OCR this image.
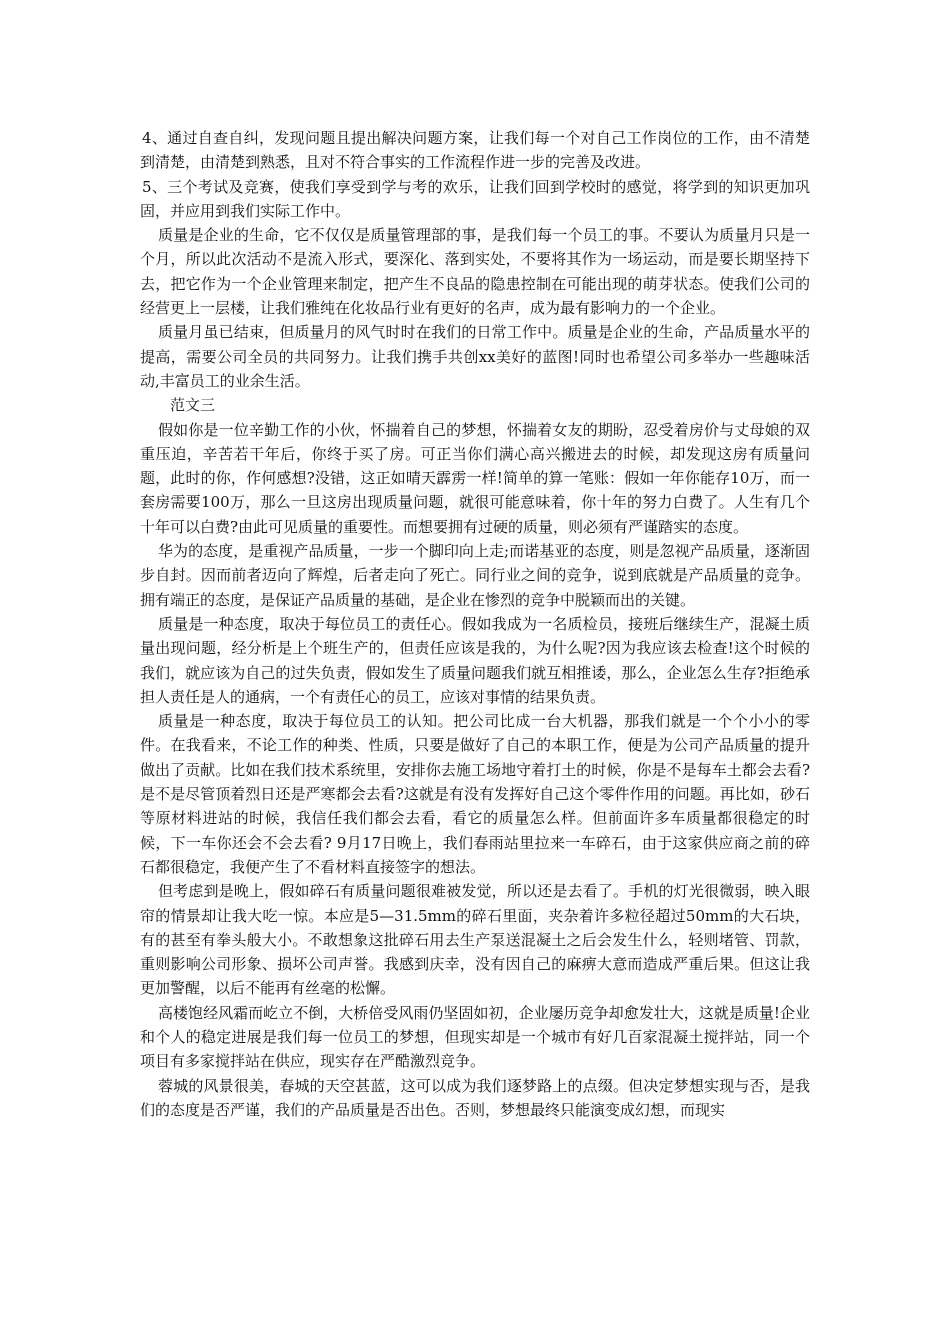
4、通过自查自纠，发现问题且提出解决问题方案，让我们每一个对自己工作岗位的工作，由不清楚到清楚，由清楚到熟悉，且对不符合事实的工作流程作进一步的完善及改进。

5、三个考试及竞赛，使我们享受到学与考的欢乐，让我们回到学校时的感觉，将学到的知识更加巩固，并应用到我们实际工作中。

质量是企业的生命，它不仅仅是质量管理部的事，是我们每一个员工的事。不要认为质量月只是一个月，所以此次活动不是流入形式，要深化、落到实处，不要将其作为一场运动，而是要长期坚持下去，把它作为一个企业管理来制定，把产生不良品的隐患控制在可能出现的萌芽状态。使我们公司的经营更上一层楼，让我们雅纯在化妆品行业有更好的名声，成为最有影响力的一个企业。

质量月虽已结束，但质量月的风气时时在我们的日常工作中。质量是企业的生命，产品质量水平的提高，需要公司全员的共同努力。让我们携手共创xx美好的蓝图!同时也希望公司多举办一些趣味活动,丰富员工的业余生活。

范文三

假如你是一位辛勤工作的小伙，怀揣着自己的梦想，怀揣着女友的期盼，忍受着房价与丈母娘的双重压迫，辛苦若干年后，你终于买了房。可正当你们满心高兴搬进去的时候，却发现这房有质量问题，此时的你，作何感想?没错，这正如晴天霹雳一样!简单的算一笔账：假如一年你能存10万，而一套房需要100万，那么一旦这房出现质量问题，就很可能意味着，你十年的努力白费了。人生有几个十年可以白费?由此可见质量的重要性。而想要拥有过硬的质量，则必须有严谨踏实的态度。

华为的态度，是重视产品质量，一步一个脚印向上走;而诺基亚的态度，则是忽视产品质量，逐渐固步自封。因而前者迈向了辉煌，后者走向了死亡。同行业之间的竞争，说到底就是产品质量的竞争。拥有端正的态度，是保证产品质量的基础，是企业在惨烈的竞争中脱颖而出的关键。

质量是一种态度，取决于每位员工的责任心。假如我成为一名质检员，接班后继续生产，混凝土质量出现问题，经分析是上个班生产的，但责任应该是我的，为什么呢?因为我应该去检查!这个时候的我们，就应该为自己的过失负责，假如发生了质量问题我们就互相推诿，那么，企业怎么生存?拒绝承担人责任是人的通病，一个有责任心的员工，应该对事情的结果负责。

质量是一种态度，取决于每位员工的认知。把公司比成一台大机器，那我们就是一个个小小的零件。在我看来，不论工作的种类、性质，只要是做好了自己的本职工作，便是为公司产品质量的提升做出了贡献。比如在我们技术系统里，安排你去施工场地守着打土的时候，你是不是每车土都会去看?是不是尽管顶着烈日还是严寒都会去看?这就是有没有发挥好自己这个零件作用的问题。再比如，砂石等原材料进站的时候，我信任我们都会去看，看它的质量怎么样。但前面许多车质量都很稳定的时候，下一车你还会不会去看? 9月17日晚上，我们春雨站里拉来一车碎石，由于这家供应商之前的碎石都很稳定，我便产生了不看材料直接签字的想法。

但考虑到是晚上，假如碎石有质量问题很难被发觉，所以还是去看了。手机的灯光很微弱，映入眼帘的情景却让我大吃一惊。本应是5—31.5mm的碎石里面，夹杂着许多粒径超过50mm的大石块，有的甚至有拳头般大小。不敢想象这批碎石用去生产泵送混凝土之后会发生什么，轻则堵管、罚款，重则影响公司形象、损坏公司声誉。我感到庆幸，没有因自己的麻痹大意而造成严重后果。但这让我更加警醒，以后不能再有丝毫的松懈。

高楼饱经风霜而屹立不倒，大桥倍受风雨仍坚固如初，企业屡历竞争却愈发壮大，这就是质量!企业和个人的稳定进展是我们每一位员工的梦想，但现实却是一个城市有好几百家混凝土搅拌站，同一个项目有多家搅拌站在供应，现实存在严酷激烈竞争。

蓉城的风景很美，春城的天空甚蓝，这可以成为我们逐梦路上的点缀。但决定梦想实现与否，是我们的态度是否严谨，我们的产品质量是否出色。否则，梦想最终只能演变成幻想，而现实
